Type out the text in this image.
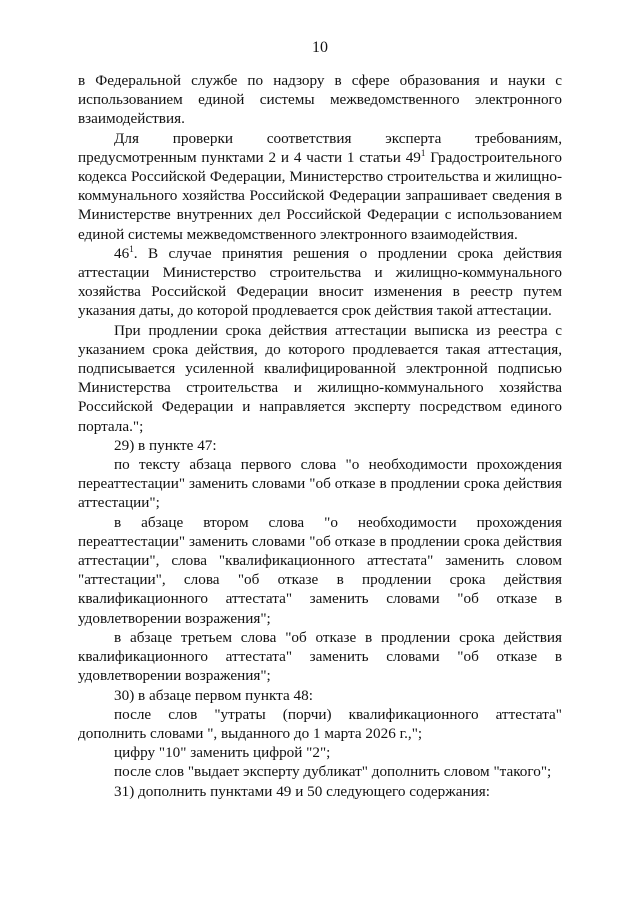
10

в Федеральной службе по надзору в сфере образования и науки с использованием единой системы межведомственного электронного взаимодействия.

Для проверки соответствия эксперта требованиям, предусмотренным пунктами 2 и 4 части 1 статьи $49^1$ Градостроительного кодекса Российской Федерации, Министерство строительства и жилищно-коммунального хозяйства Российской Федерации запрашивает сведения в Министерстве внутренних дел Российской Федерации с использованием единой системы межведомственного электронного взаимодействия.

$46^1$. В случае принятия решения о продлении срока действия аттестации Министерство строительства и жилищно-коммунального хозяйства Российской Федерации вносит изменения в реестр путем указания даты, до которой продлевается срок действия такой аттестации.

При продлении срока действия аттестации выписка из реестра с указанием срока действия, до которого продлевается такая аттестация, подписывается усиленной квалифицированной электронной подписью Министерства строительства и жилищно-коммунального хозяйства Российской Федерации и направляется эксперту посредством единого портала.";

29) в пункте 47:

по тексту абзаца первого слова "о необходимости прохождения переаттестации" заменить словами "об отказе в продлении срока действия аттестации";

в абзаце втором слова "о необходимости прохождения переаттестации" заменить словами "об отказе в продлении срока действия аттестации", слова "квалификационного аттестата" заменить словом "аттестации", слова "об отказе в продлении срока действия квалификационного аттестата" заменить словами "об отказе в удовлетворении возражения";

в абзаце третьем слова "об отказе в продлении срока действия квалификационного аттестата" заменить словами "об отказе в удовлетворении возражения";

30) в абзаце первом пункта 48:

после слов "утраты (порчи) квалификационного аттестата" дополнить словами ", выданного до 1 марта 2026 г.,";

цифру "10" заменить цифрой "2";

после слов "выдает эксперту дубликат" дополнить словом "такого";

31) дополнить пунктами 49 и 50 следующего содержания:
